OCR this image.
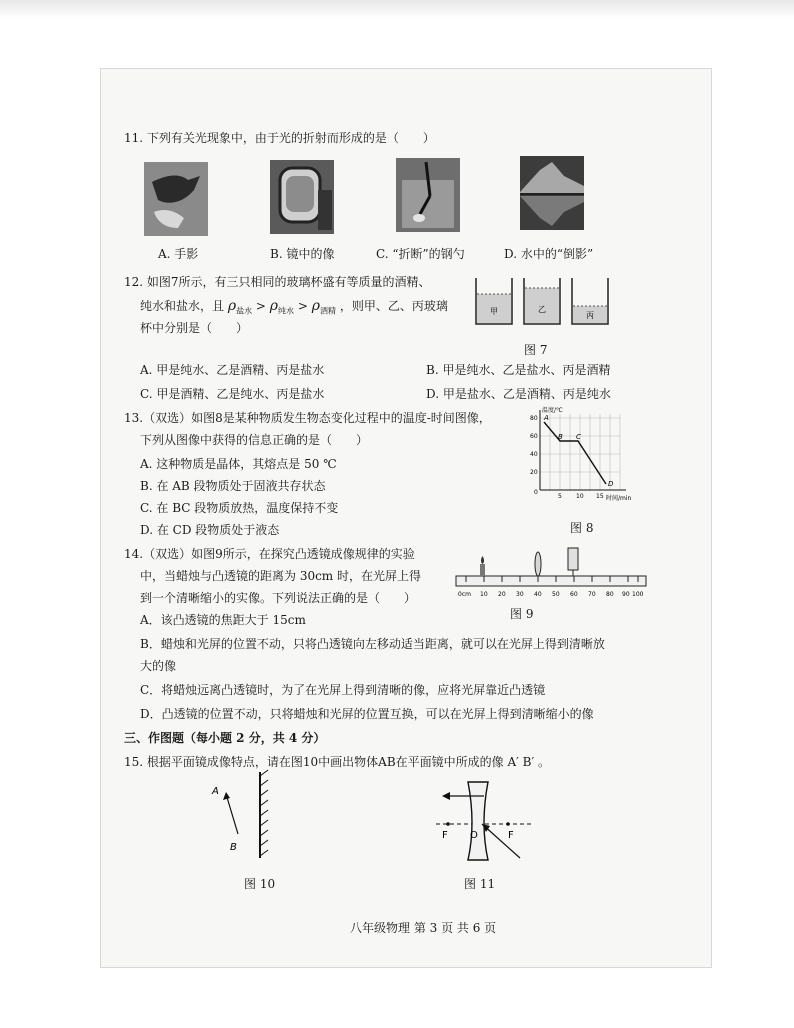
11. 下列有关光现象中，由于光的折射而形成的是（　　）
A. 手影	B. 镜中的像	C. “折断”的钢勺	D. 水中的“倒影”
12. 如图7所示，有三只相同的玻璃杯盛有等质量的酒精、
纯水和盐水，且 $\rho_{盐水} > \rho_{纯水} > \rho_{酒精}$ ，则甲、乙、丙玻璃
杯中分别是（　　）
甲	乙
丙
图 7
A. 甲是纯水、乙是酒精、丙是盐水	B. 甲是纯水、乙是盐水、丙是酒精
C. 甲是酒精、乙是纯水、丙是盐水	D. 甲是盐水、乙是酒精、丙是纯水
13.（双选）如图8是某种物质发生物态变化过程中的温度-时间图像，
下列从图像中获得的信息正确的是（　　）
A. 这种物质是晶体，其熔点是 50 ℃
B. 在 AB 段物质处于固液共存状态
C. 在 BC 段物质放热，温度保持不变
D. 在 CD 段物质处于液态
温度/℃
时间/min
80
60
40
20
0
5 10 15
A
B C
D
图 8
14.（双选）如图9所示，在探究凸透镜成像规律的实验
中，当蜡烛与凸透镜的距离为 30cm 时，在光屏上得
到一个清晰缩小的实像。下列说法正确的是（　　）	0cm 10 20 30 40 50 60 70 80 90 100
图 9
A．该凸透镜的焦距大于 15cm
B．蜡烛和光屏的位置不动，只将凸透镜向左移动适当距离，就可以在光屏上得到清晰放
大的像
C．将蜡烛远离凸透镜时，为了在光屏上得到清晰的像，应将光屏靠近凸透镜
D．凸透镜的位置不动，只将蜡烛和光屏的位置互换，可以在光屏上得到清晰缩小的像
三、作图题（每小题 2 分，共 4 分）
15. 根据平面镜成像特点，请在图10中画出物体AB在平面镜中所成的像 A′ B′ 。
A
B
图 10
F O	F
图 11
八年级物理 第 3 页 共 6 页
